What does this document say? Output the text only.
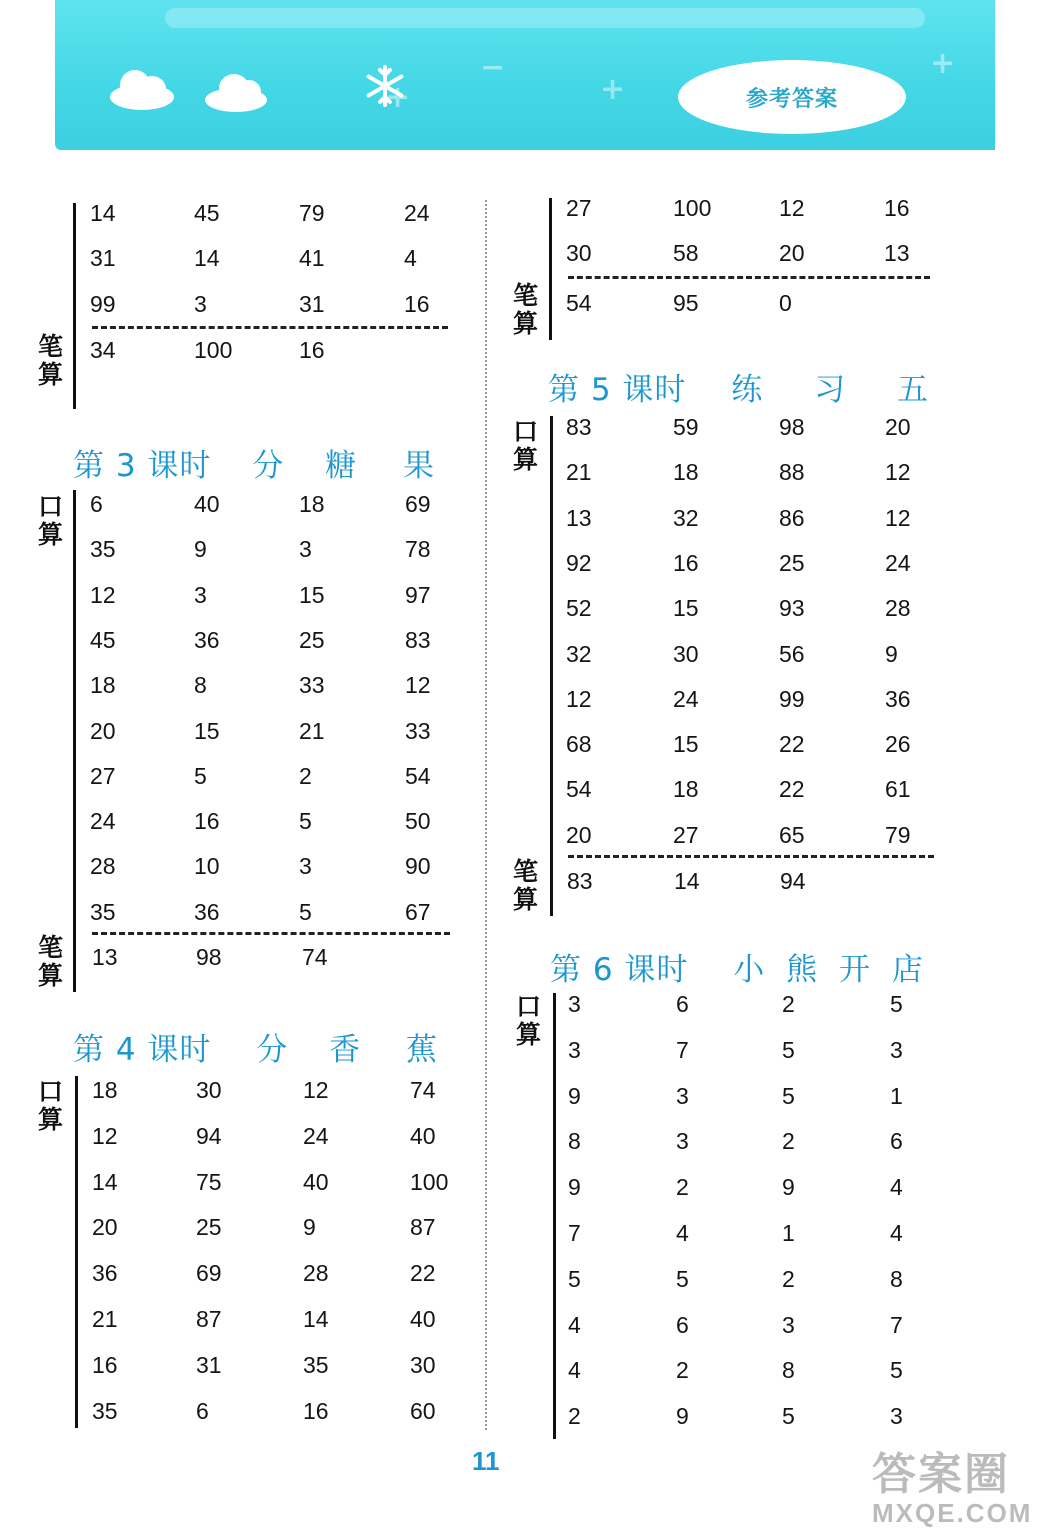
+
−
+
+
参考答案
笔算
14	45	79	24
31	14	41	4
99	3	31	16
34	100	16
第 3 课时 分 糖 果
口算
笔算
6	40	18	69
35	9	3	78
12	3	15	97
45	36	25	83
18	8	33	12
20	15	21	33
27	5	2	54
24	16	5	50
28	10	3	90
35	36	5	67
13	98	74
第 4 课时 分 香 蕉
口算
18	30	12	74
12	94	24	40
14	75	40	100
20	25	9	87
36	69	28	22
21	87	14	40
16	31	35	30
35	6	16	60
笔算
27	100	12	16
30	58	20	13
54	95	0
第 5 课时 练 习 五
口算
笔算
83	59	98	20
21	18	88	12
13	32	86	12
92	16	25	24
52	15	93	28
32	30	56	9
12	24	99	36
68	15	22	26
54	18	22	61
20	27	65	79
83	14	94
第 6 课时 小 熊 开 店
口算
3	6	2	5
3	7	5	3
9	3	5	1
8	3	2	6
9	2	9	4
7	4	1	4
5	5	2	8
4	6	3	7
4	2	8	5
2	9	5	3
11	答案圈
MXQE.COM
